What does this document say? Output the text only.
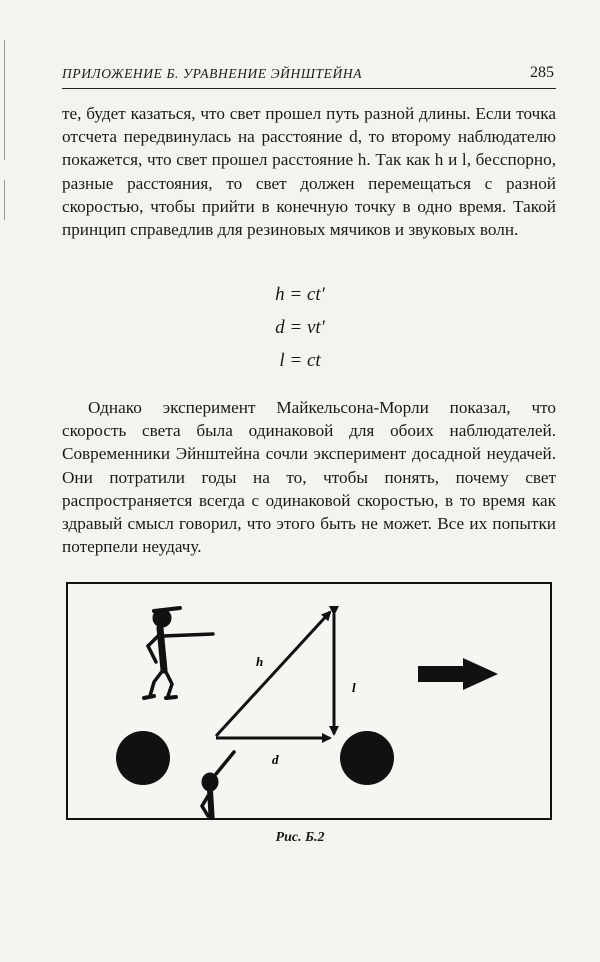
ПРИЛОЖЕНИЕ Б. УРАВНЕНИЕ ЭЙНШТЕЙНА	285

те, будет казаться, что свет прошел путь разной длины. Если точка отсчета передвинулась на расстояние d, то второму наблюдателю покажется, что свет прошел расстояние h. Так как h и l, бесспорно, разные расстояния, то свет должен перемещаться с разной скоростью, чтобы прийти в конечную точку в одно время. Такой принцип справедлив для резиновых мячиков и звуковых волн.

h = ct′
d = vt′
l = ct

Однако эксперимент Майкельсона-Морли показал, что скорость света была одинаковой для обоих наблюдателей. Современники Эйнштейна сочли эксперимент досадной неудачей. Они потратили годы на то, чтобы понять, почему свет распространяется всегда с одинаковой скоростью, в то время как здравый смысл говорил, что этого быть не может. Все их попытки потерпели неудачу.

h
l
d
Рис. Б.2
